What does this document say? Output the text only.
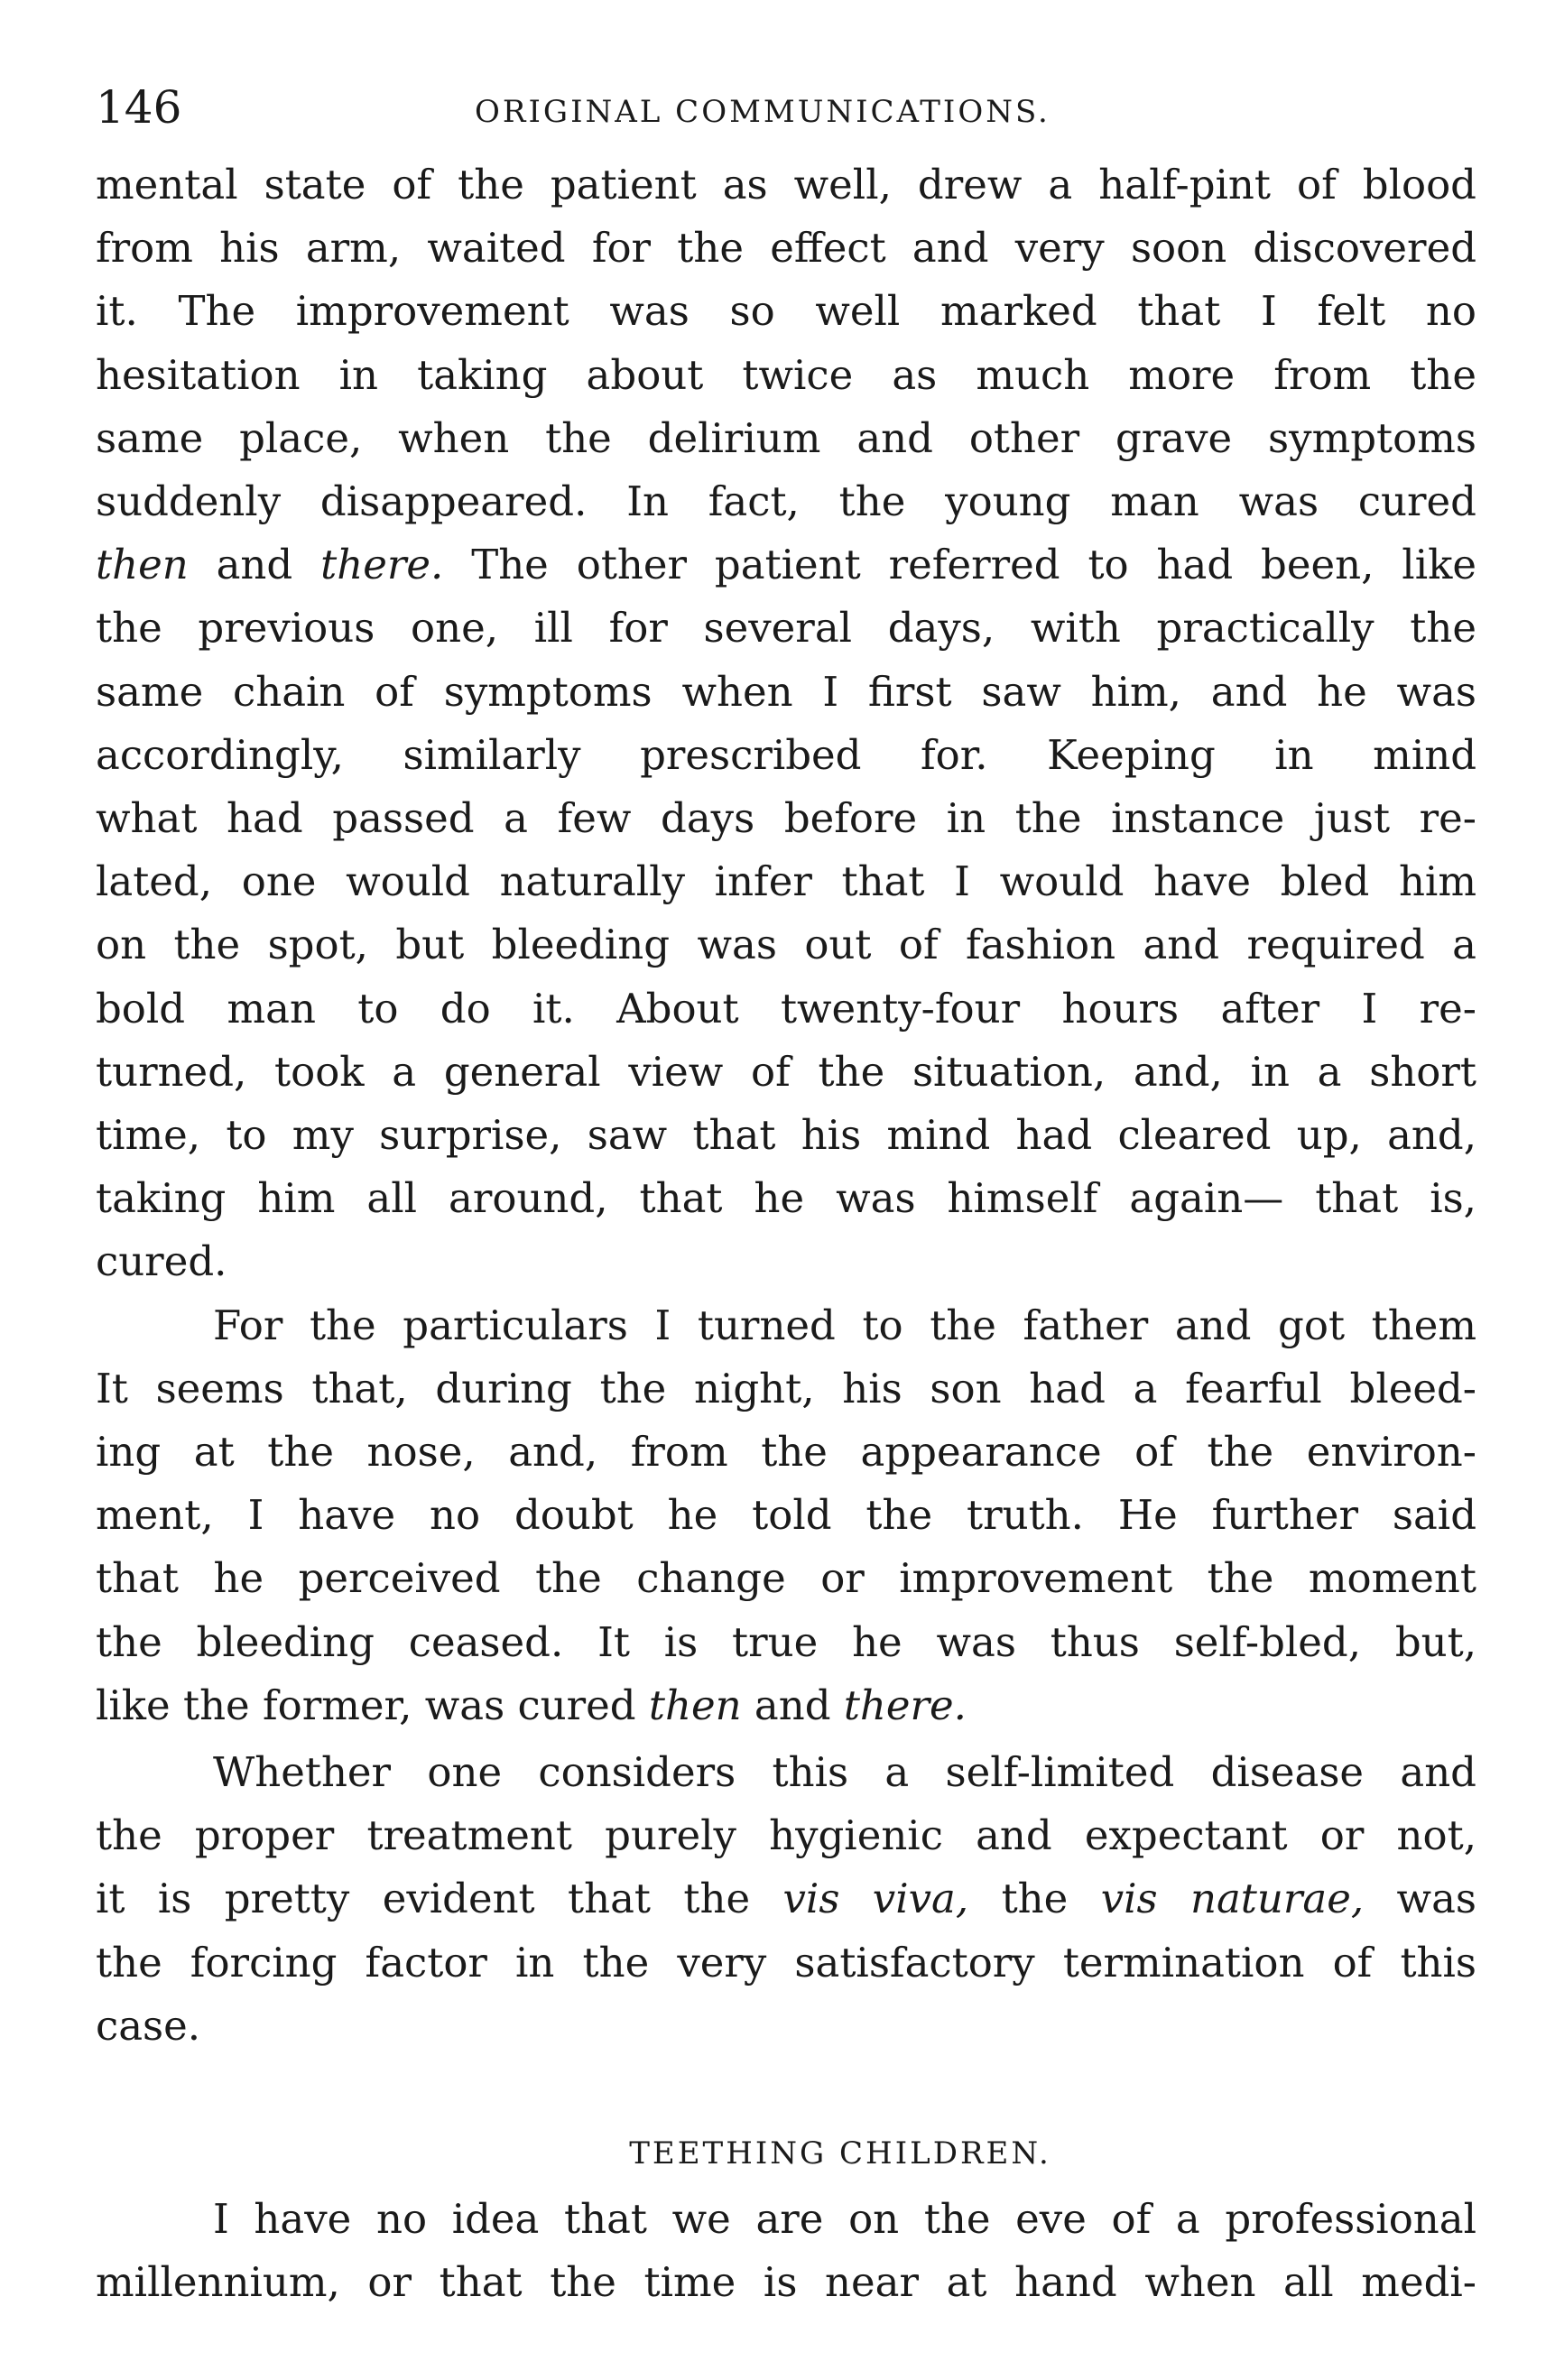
146	ORIGINAL COMMUNICATIONS.

mental state of the patient as well, drew a half-pint of blood
from his arm, waited for the effect and very soon discovered
it. The improvement was so well marked that I felt no
hesitation in taking about twice as much more from the
same place, when the delirium and other grave symptoms
suddenly disappeared. In fact, the young man was cured
then and there. The other patient referred to had been, like
the previous one, ill for several days, with practically the
same chain of symptoms when I first saw him, and he was
accordingly, similarly prescribed for. Keeping in mind
what had passed a few days before in the instance just re-
lated, one would naturally infer that I would have bled him
on the spot, but bleeding was out of fashion and required a
bold man to do it. About twenty-four hours after I re-
turned, took a general view of the situation, and, in a short
time, to my surprise, saw that his mind had cleared up, and,
taking him all around, that he was himself again— that is,
cured.

For the particulars I turned to the father and got them
It seems that, during the night, his son had a fearful bleed-
ing at the nose, and, from the appearance of the environ-
ment, I have no doubt he told the truth. He further said
that he perceived the change or improvement the moment
the bleeding ceased. It is true he was thus self-bled, but,
like the former, was cured then and there.

Whether one considers this a self-limited disease and
the proper treatment purely hygienic and expectant or not,
it is pretty evident that the vis viva, the vis naturae, was
the forcing factor in the very satisfactory termination of this
case.

TEETHING CHILDREN.

I have no idea that we are on the eve of a professional
millennium, or that the time is near at hand when all medi-
